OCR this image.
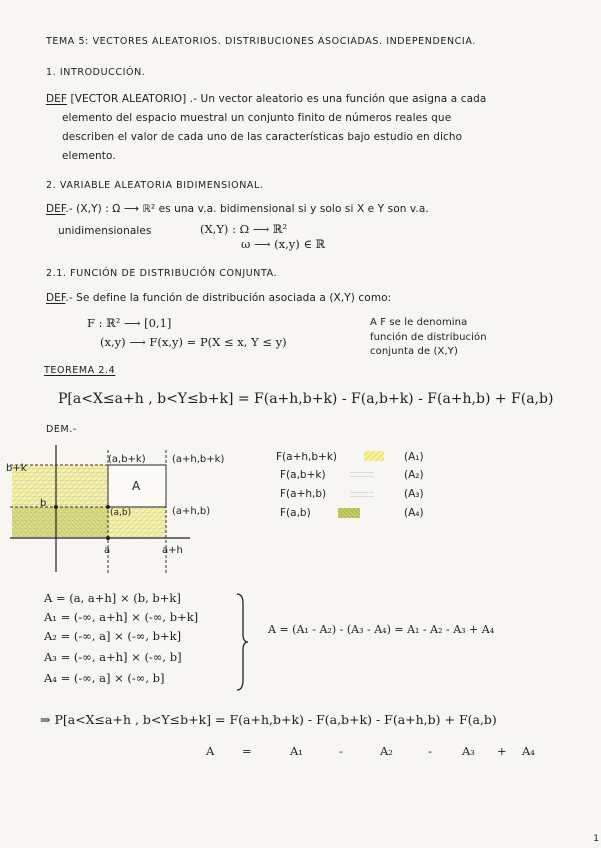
TEMA 5: VECTORES ALEATORIOS. DISTRIBUCIONES ASOCIADAS. INDEPENDENCIA.
1. INTRODUCCIÓN.
DEF [VECTOR ALEATORIO] .- Un vector aleatorio es una función que asigna a cada
elemento del espacio muestral un conjunto finito de números reales que
describen el valor de cada uno de las características bajo estudio en dicho
elemento.
2. VARIABLE ALEATORIA BIDIMENSIONAL.
DEF.- (X,Y) : Ω ⟶ ℝ² es una v.a. bidimensional si y solo si X e Y son v.a.
unidimensionales	(X,Y) : Ω ⟶ ℝ²
ω ⟶ (x,y) ∈ ℝ
2.1. FUNCIÓN DE DISTRIBUCIÓN CONJUNTA.
DEF.- Se define la función de distribución asociada a (X,Y) como:
F : ℝ² ⟶ [0,1]
(x,y) ⟶ F(x,y) = P(X ≤ x, Y ≤ y)
A F se le denomina
función de distribución
conjunta de (X,Y)
TEOREMA 2.4
P[a<X≤a+h , b<Y≤b+k] = F(a+h,b+k) - F(a,b+k) - F(a+h,b) + F(a,b)
DEM.-
b+k
b
a	a+h
(a,b+k)	(a+h,b+k)
(a,b)	(a+h,b)
A
F(a+h,b+k)	(A₁)
F(a,b+k)	(A₂)
F(a+h,b)	(A₃)
F(a,b)	(A₄)
A = (a, a+h] × (b, b+k]
A₁ = (-∞, a+h] × (-∞, b+k]
A₂ = (-∞, a] × (-∞, b+k]
A₃ = (-∞, a+h] × (-∞, b]
A₄ = (-∞, a] × (-∞, b]
A = (A₁ - A₂) - (A₃ - A₄) = A₁ - A₂ - A₃ + A₄
⇒ P[a<X≤a+h , b<Y≤b+k] = F(a+h,b+k) - F(a,b+k) - F(a+h,b) + F(a,b)
A =	A₁	-	A₂	-	A₃ + A₄
1
